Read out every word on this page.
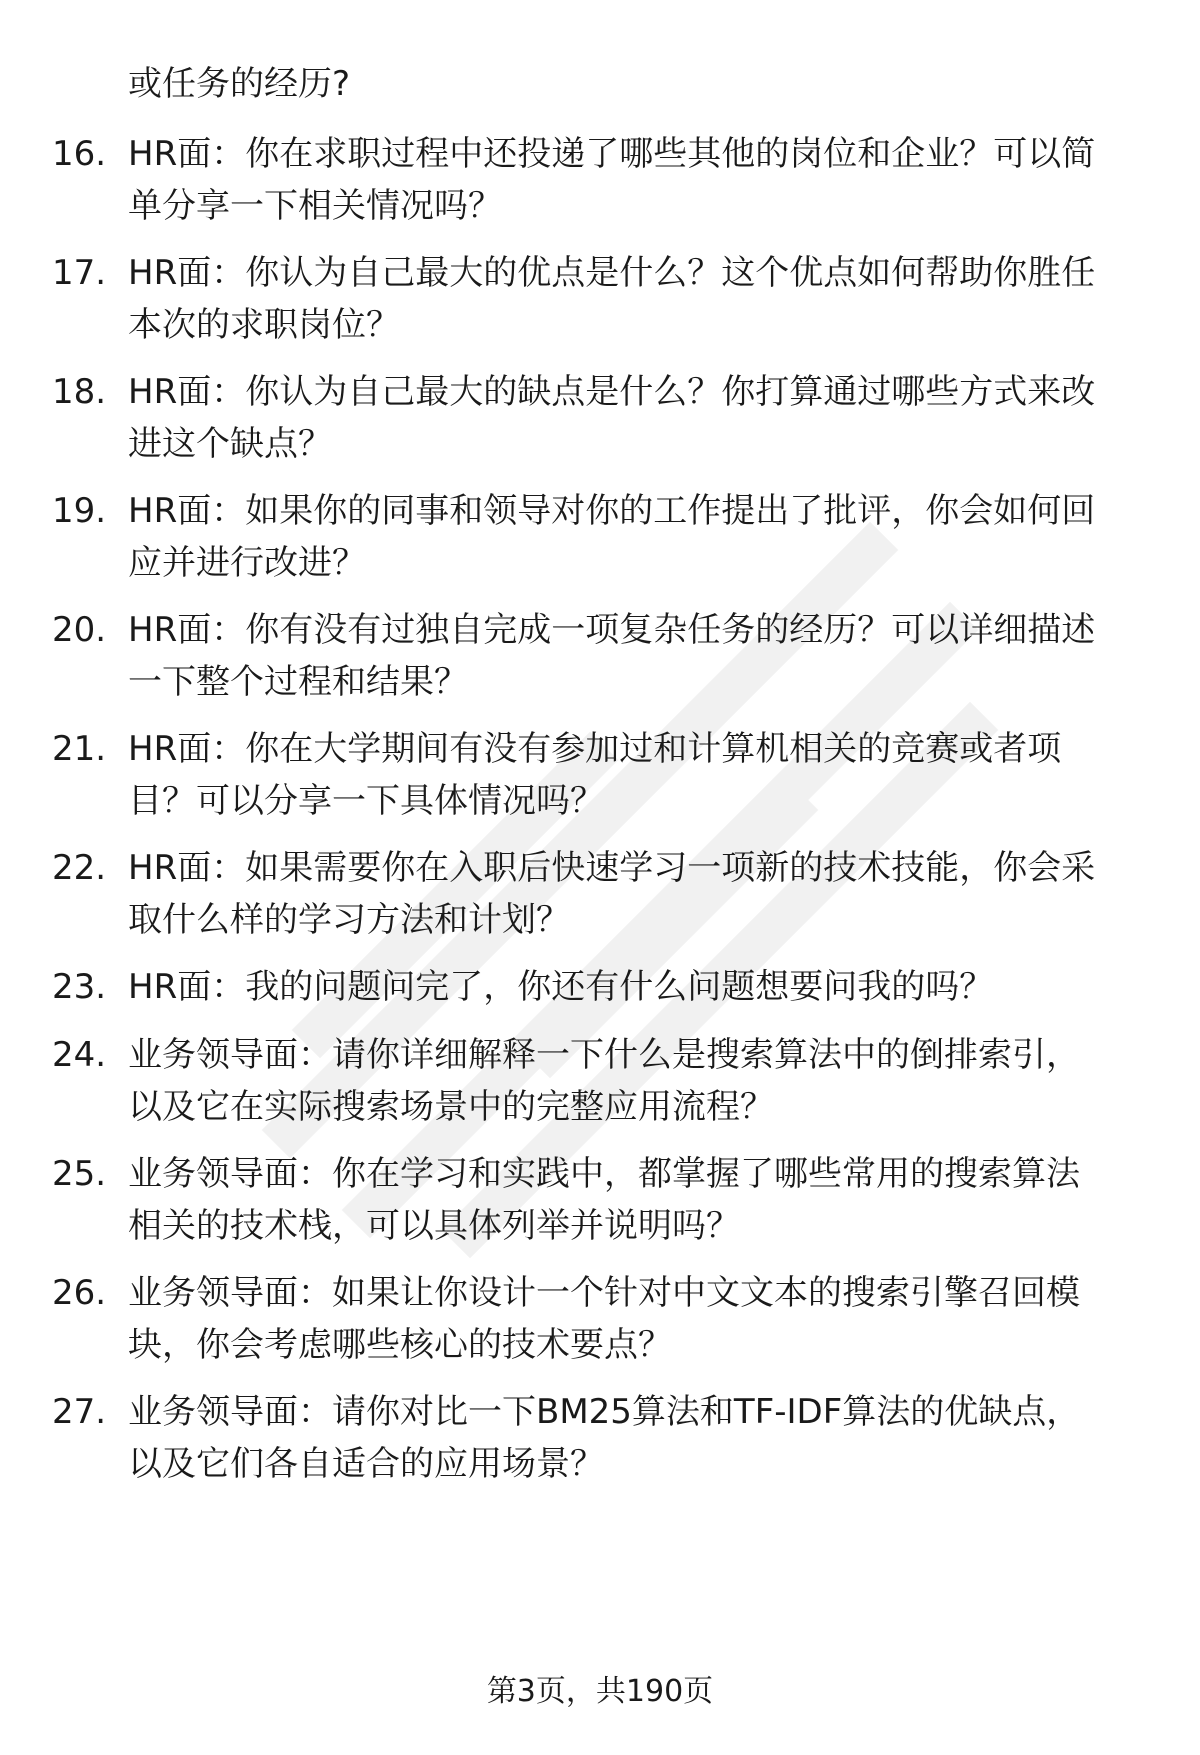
或任务的经历?
16. HR面：你在求职过程中还投递了哪些其他的岗位和企业？可以简
单分享一下相关情况吗？
17. HR面：你认为自己最大的优点是什么？这个优点如何帮助你胜任
本次的求职岗位？
18. HR面：你认为自己最大的缺点是什么？你打算通过哪些方式来改
进这个缺点？
19. HR面：如果你的同事和领导对你的工作提出了批评，你会如何回
应并进行改进？
20. HR面：你有没有过独自完成一项复杂任务的经历？可以详细描述
一下整个过程和结果？
21. HR面：你在大学期间有没有参加过和计算机相关的竞赛或者项
目？可以分享一下具体情况吗？
22. HR面：如果需要你在入职后快速学习一项新的技术技能，你会采
取什么样的学习方法和计划？
23. HR面：我的问题问完了，你还有什么问题想要问我的吗？
24. 业务领导面：请你详细解释一下什么是搜索算法中的倒排索引，
以及它在实际搜索场景中的完整应用流程？
25. 业务领导面：你在学习和实践中，都掌握了哪些常用的搜索算法
相关的技术栈，可以具体列举并说明吗？
26. 业务领导面：如果让你设计一个针对中文文本的搜索引擎召回模
块，你会考虑哪些核心的技术要点？
27. 业务领导面：请你对比一下BM25算法和TF-IDF算法的优缺点，
以及它们各自适合的应用场景？
第3页，共190页
